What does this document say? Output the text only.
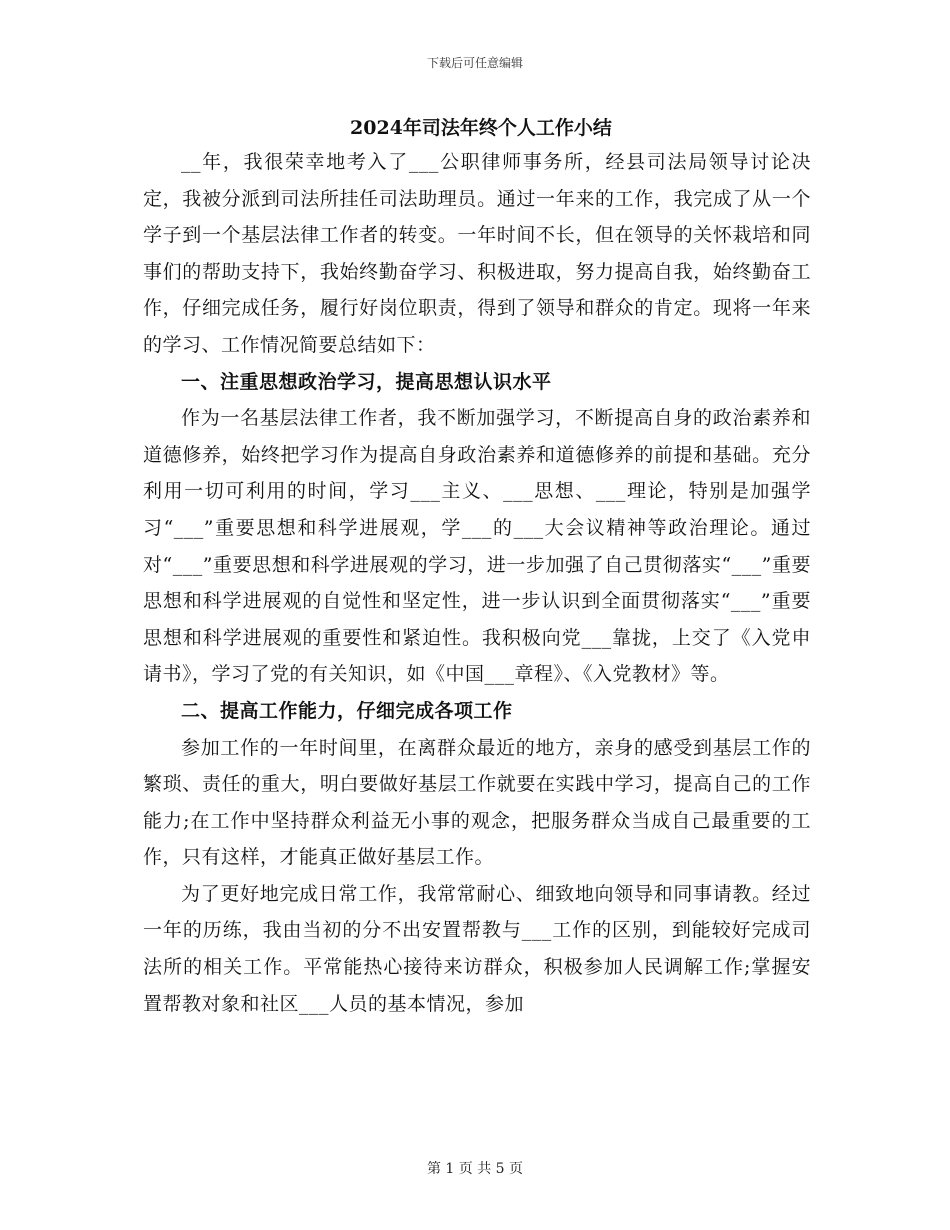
下载后可任意编辑
2024年司法年终个人工作小结

__年，我很荣幸地考入了___公职律师事务所，经县司法局领导讨论决定，我被分派到司法所挂任司法助理员。通过一年来的工作，我完成了从一个学子到一个基层法律工作者的转变。一年时间不长，但在领导的关怀栽培和同事们的帮助支持下，我始终勤奋学习、积极进取，努力提高自我，始终勤奋工作，仔细完成任务，履行好岗位职责，得到了领导和群众的肯定。现将一年来的学习、工作情况简要总结如下：

一、注重思想政治学习，提高思想认识水平

作为一名基层法律工作者，我不断加强学习，不断提高自身的政治素养和道德修养，始终把学习作为提高自身政治素养和道德修养的前提和基础。充分利用一切可利用的时间，学习___主义、___思想、___理论，特别是加强学习“___”重要思想和科学进展观，学___的___大会议精神等政治理论。通过对“___”重要思想和科学进展观的学习，进一步加强了自己贯彻落实“___”重要思想和科学进展观的自觉性和坚定性，进一步认识到全面贯彻落实“___”重要思想和科学进展观的重要性和紧迫性。我积极向党___靠拢，上交了《入党申请书》，学习了党的有关知识，如《中国___章程》、《入党教材》等。

二、提高工作能力，仔细完成各项工作

参加工作的一年时间里，在离群众最近的地方，亲身的感受到基层工作的繁琐、责任的重大，明白要做好基层工作就要在实践中学习，提高自己的工作能力;在工作中坚持群众利益无小事的观念，把服务群众当成自己最重要的工作，只有这样，才能真正做好基层工作。

为了更好地完成日常工作，我常常耐心、细致地向领导和同事请教。经过一年的历练，我由当初的分不出安置帮教与___工作的区别，到能较好完成司法所的相关工作。平常能热心接待来访群众，积极参加人民调解工作;掌握安置帮教对象和社区___人员的基本情况，参加

第 1 页 共 5 页
